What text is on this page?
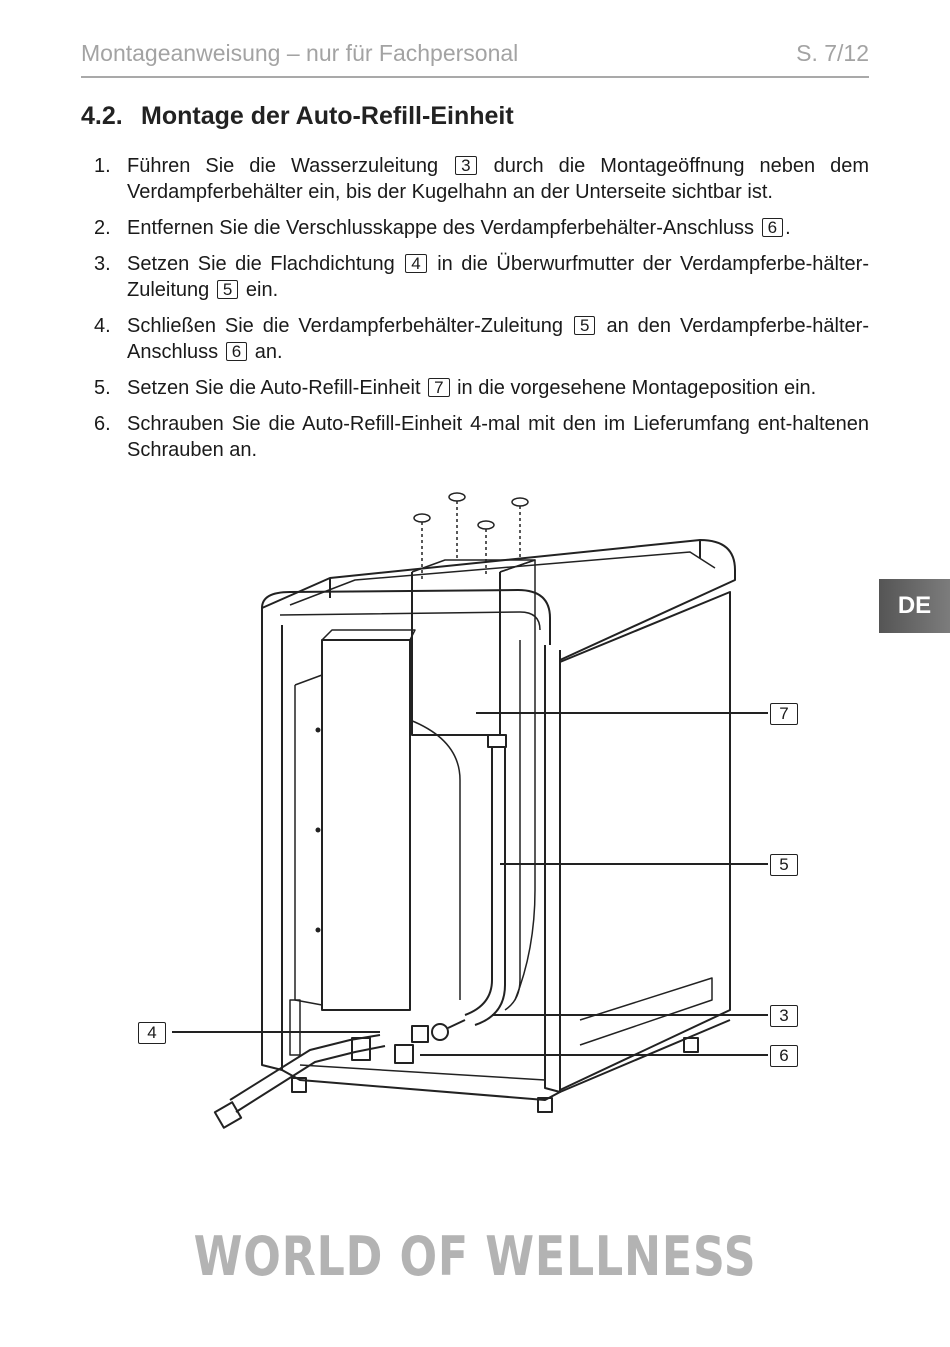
Montageanweisung – nur für Fachpersonal	S. 7/12
4.2. Montage der Auto-Refill-Einheit
1. Führen Sie die Wasserzuleitung 3 durch die Montageöffnung neben dem Verdampferbehälter ein, bis der Kugelhahn an der Unterseite sichtbar ist.
2. Entfernen Sie die Verschlusskappe des Verdampferbehälter-Anschluss 6 .
3. Setzen Sie die Flachdichtung 4 in die Überwurfmutter der Verdampferbe-hälter-Zuleitung 5 ein.
4. Schließen Sie die Verdampferbehälter-Zuleitung 5 an den Verdampferbe-hälter-Anschluss 6 an.
5. Setzen Sie die Auto-Refill-Einheit 7 in die vorgesehene Montageposition ein.
6. Schrauben Sie die Auto-Refill-Einheit 4-mal mit den im Lieferumfang ent-haltenen Schrauben an.
DE
7
5
3
6
4
WORLD OF WELLNESS
